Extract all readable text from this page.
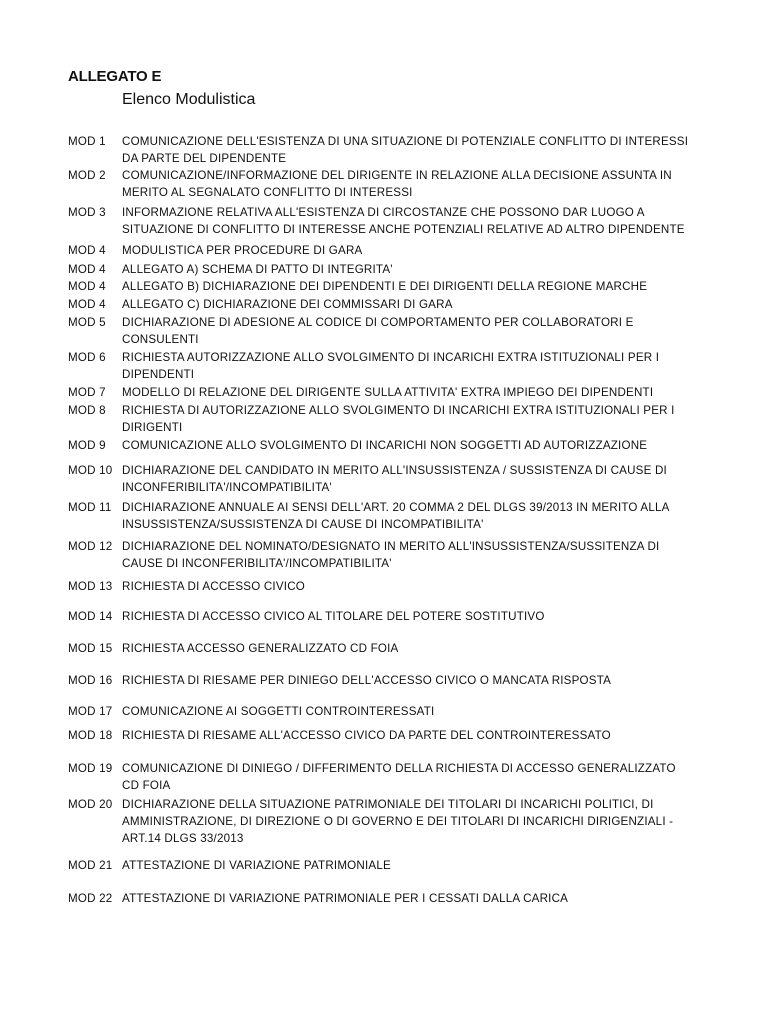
ALLEGATO E
Elenco Modulistica
MOD 1	COMUNICAZIONE DELL'ESISTENZA DI UNA SITUAZIONE DI POTENZIALE CONFLITTO DI INTERESSI DA PARTE DEL DIPENDENTE
MOD 2	COMUNICAZIONE/INFORMAZIONE DEL DIRIGENTE IN RELAZIONE ALLA DECISIONE ASSUNTA IN MERITO AL SEGNALATO CONFLITTO DI INTERESSI
MOD 3	INFORMAZIONE RELATIVA ALL'ESISTENZA DI CIRCOSTANZE CHE POSSONO DAR LUOGO A SITUAZIONE DI CONFLITTO DI INTERESSE ANCHE POTENZIALI RELATIVE AD ALTRO DIPENDENTE
MOD 4	MODULISTICA PER PROCEDURE DI GARA
MOD 4	ALLEGATO A) SCHEMA DI PATTO DI INTEGRITA'
MOD 4	ALLEGATO B) DICHIARAZIONE DEI DIPENDENTI E DEI DIRIGENTI DELLA REGIONE MARCHE
MOD 4	ALLEGATO C) DICHIARAZIONE DEI COMMISSARI DI GARA
MOD 5	DICHIARAZIONE DI ADESIONE AL CODICE DI COMPORTAMENTO PER COLLABORATORI E CONSULENTI
MOD 6	RICHIESTA AUTORIZZAZIONE ALLO SVOLGIMENTO DI INCARICHI EXTRA ISTITUZIONALI PER I DIPENDENTI
MOD 7	MODELLO DI RELAZIONE DEL DIRIGENTE SULLA ATTIVITA' EXTRA IMPIEGO DEI DIPENDENTI
MOD 8	RICHIESTA DI AUTORIZZAZIONE ALLO SVOLGIMENTO DI INCARICHI EXTRA ISTITUZIONALI PER I DIRIGENTI
MOD 9	COMUNICAZIONE ALLO SVOLGIMENTO DI INCARICHI NON SOGGETTI AD AUTORIZZAZIONE
MOD 10 DICHIARAZIONE DEL CANDIDATO IN MERITO ALL'INSUSSISTENZA / SUSSISTENZA DI CAUSE DI INCONFERIBILITA'/INCOMPATIBILITA'
MOD 11 DICHIARAZIONE ANNUALE AI SENSI DELL'ART. 20 COMMA 2 DEL DLGS 39/2013 IN MERITO ALLA INSUSSISTENZA/SUSSISTENZA DI CAUSE DI INCOMPATIBILITA'
MOD 12 DICHIARAZIONE DEL NOMINATO/DESIGNATO IN MERITO ALL'INSUSSISTENZA/SUSSITENZA DI CAUSE DI INCONFERIBILITA'/INCOMPATIBILITA'
MOD 13 RICHIESTA DI ACCESSO CIVICO
MOD 14 RICHIESTA DI ACCESSO CIVICO AL TITOLARE DEL POTERE SOSTITUTIVO
MOD 15 RICHIESTA ACCESSO GENERALIZZATO CD FOIA
MOD 16 RICHIESTA DI RIESAME PER DINIEGO DELL'ACCESSO CIVICO O MANCATA RISPOSTA
MOD 17 COMUNICAZIONE AI SOGGETTI CONTROINTERESSATI
MOD 18 RICHIESTA DI RIESAME ALL'ACCESSO CIVICO DA PARTE DEL CONTROINTERESSATO
MOD 19 COMUNICAZIONE DI DINIEGO / DIFFERIMENTO DELLA RICHIESTA DI ACCESSO GENERALIZZATO CD FOIA
MOD 20 DICHIARAZIONE DELLA SITUAZIONE PATRIMONIALE DEI TITOLARI DI INCARICHI POLITICI, DI AMMINISTRAZIONE, DI DIREZIONE O DI GOVERNO E DEI TITOLARI DI INCARICHI DIRIGENZIALI - ART.14 DLGS 33/2013
MOD 21 ATTESTAZIONE DI VARIAZIONE PATRIMONIALE
MOD 22 ATTESTAZIONE DI VARIAZIONE PATRIMONIALE PER I CESSATI DALLA CARICA
